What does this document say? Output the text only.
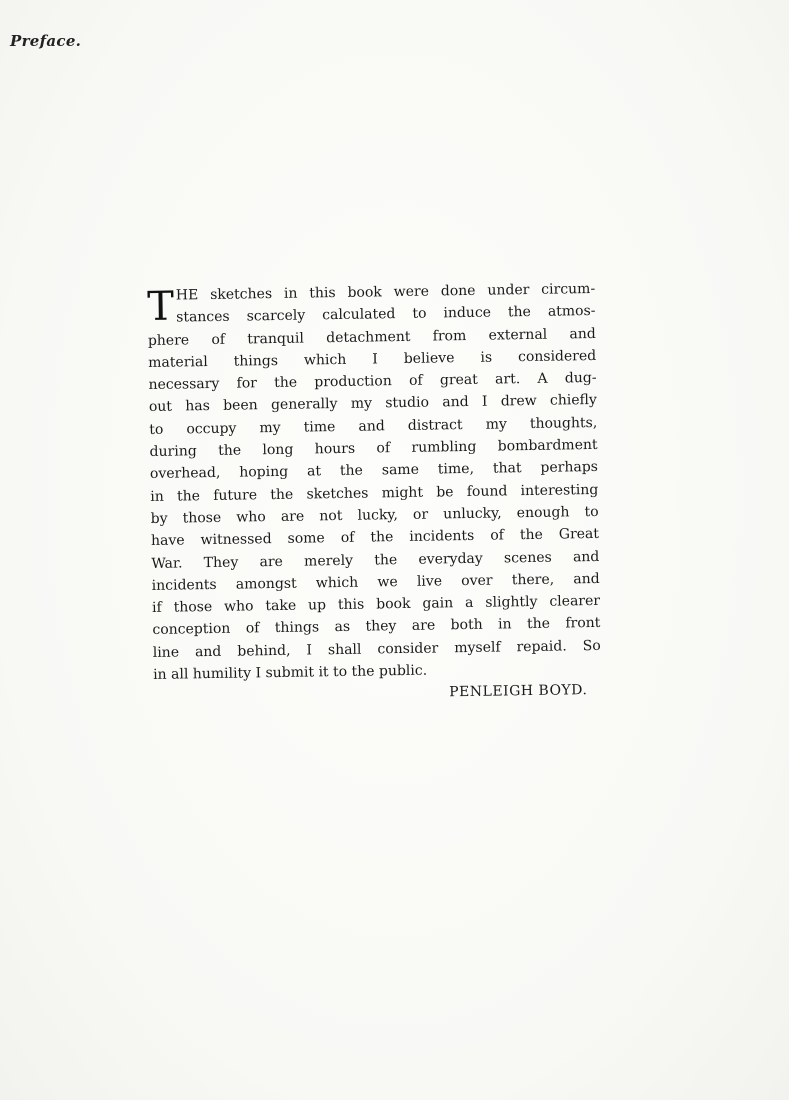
Preface.
T HE sketches in this book were done under circum-
stances scarcely calculated to induce the atmos-
phere of tranquil detachment from external and
material things which I believe is considered
necessary for the production of great art. A dug-
out has been generally my studio and I drew chiefly
to occupy my time and distract my thoughts,
during the long hours of rumbling bombardment
overhead, hoping at the same time, that perhaps
in the future the sketches might be found interesting
by those who are not lucky, or unlucky, enough to
have witnessed some of the incidents of the Great
War. They are merely the everyday scenes and
incidents amongst which we live over there, and
if those who take up this book gain a slightly clearer
conception of things as they are both in the front
line and behind, I shall consider myself repaid. So
in all humility I submit it to the public.
PENLEIGH BOYD.
